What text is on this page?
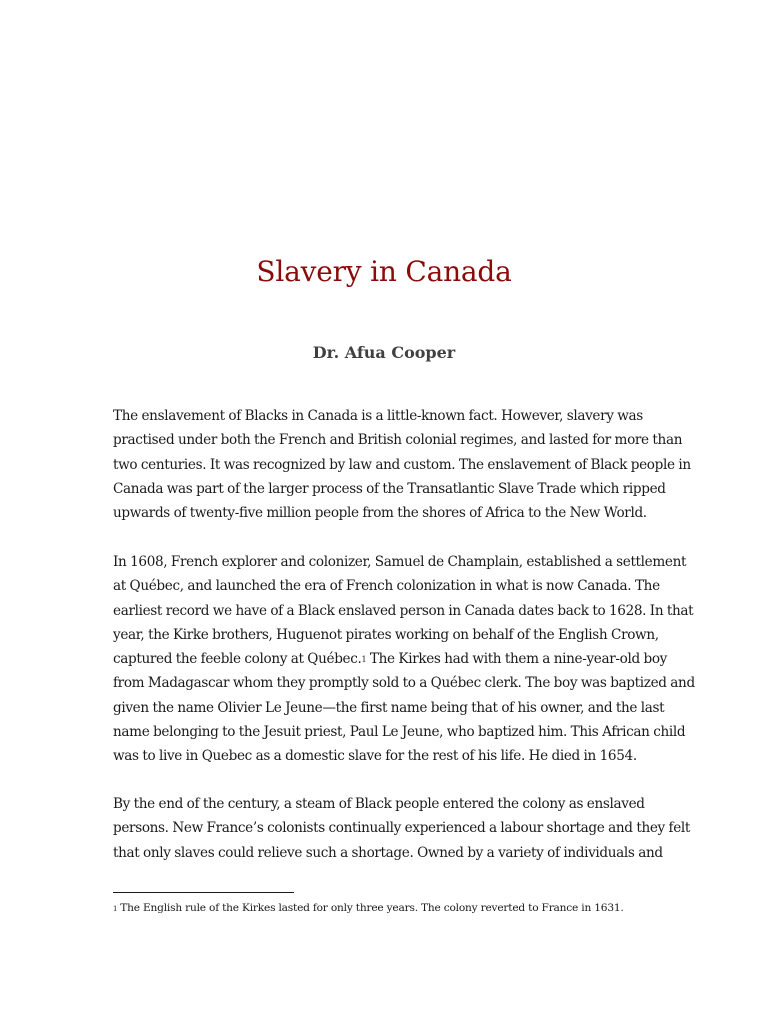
Slavery in Canada

Dr. Afua Cooper

The enslavement of Blacks in Canada is a little-known fact. However, slavery was
practised under both the French and British colonial regimes, and lasted for more than
two centuries. It was recognized by law and custom. The enslavement of Black people in
Canada was part of the larger process of the Transatlantic Slave Trade which ripped
upwards of twenty-five million people from the shores of Africa to the New World.
In 1608, French explorer and colonizer, Samuel de Champlain, established a settlement
at Québec, and launched the era of French colonization in what is now Canada. The
earliest record we have of a Black enslaved person in Canada dates back to 1628. In that
year, the Kirke brothers, Huguenot pirates working on behalf of the English Crown,
captured the feeble colony at Québec.$^1$ The Kirkes had with them a nine-year-old boy
from Madagascar whom they promptly sold to a Québec clerk. The boy was baptized and
given the name Olivier Le Jeune—the first name being that of his owner, and the last
name belonging to the Jesuit priest, Paul Le Jeune, who baptized him. This African child
was to live in Quebec as a domestic slave for the rest of his life. He died in 1654.
By the end of the century, a steam of Black people entered the colony as enslaved
persons. New France’s colonists continually experienced a labour shortage and they felt
that only slaves could relieve such a shortage. Owned by a variety of individuals and
$^1$ The English rule of the Kirkes lasted for only three years. The colony reverted to France in 1631.
